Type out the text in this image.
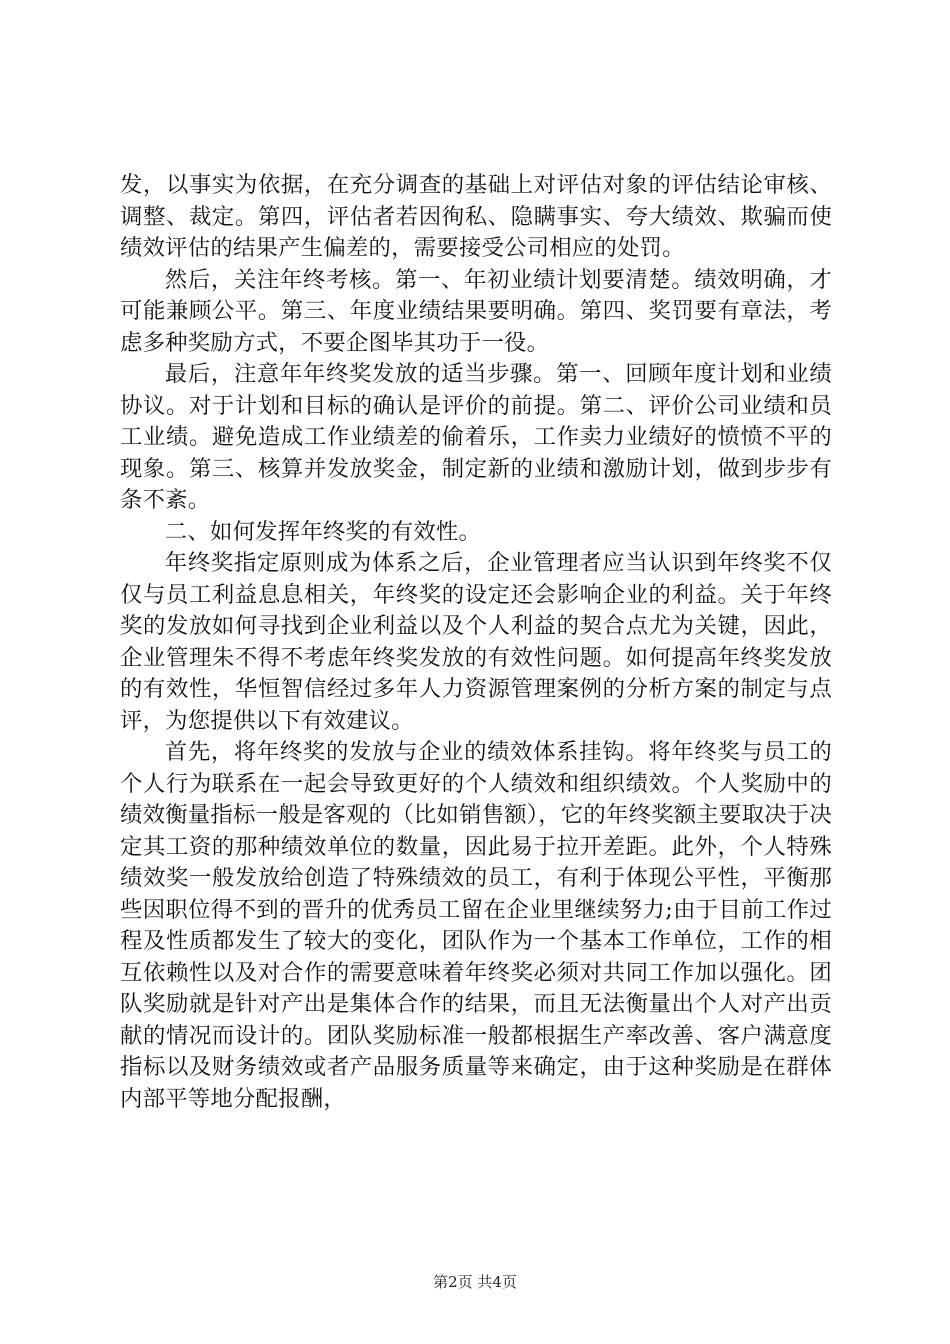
发，以事实为依据，在充分调查的基础上对评估对象的评估结论审核、调整、裁定。第四，评估者若因徇私、隐瞒事实、夸大绩效、欺骗而使绩效评估的结果产生偏差的，需要接受公司相应的处罚。

然后，关注年终考核。第一、年初业绩计划要清楚。绩效明确，才可能兼顾公平。第三、年度业绩结果要明确。第四、奖罚要有章法，考虑多种奖励方式，不要企图毕其功于一役。

最后，注意年年终奖发放的适当步骤。第一、回顾年度计划和业绩协议。对于计划和目标的确认是评价的前提。第二、评价公司业绩和员工业绩。避免造成工作业绩差的偷着乐，工作卖力业绩好的愤愤不平的现象。第三、核算并发放奖金，制定新的业绩和激励计划，做到步步有条不紊。

二、如何发挥年终奖的有效性。

年终奖指定原则成为体系之后，企业管理者应当认识到年终奖不仅仅与员工利益息息相关，年终奖的设定还会影响企业的利益。关于年终奖的发放如何寻找到企业利益以及个人利益的契合点尤为关键，因此，企业管理朱不得不考虑年终奖发放的有效性问题。如何提高年终奖发放的有效性，华恒智信经过多年人力资源管理案例的分析方案的制定与点评，为您提供以下有效建议。

首先，将年终奖的发放与企业的绩效体系挂钩。将年终奖与员工的个人行为联系在一起会导致更好的个人绩效和组织绩效。个人奖励中的绩效衡量指标一般是客观的（比如销售额），它的年终奖额主要取决于决定其工资的那种绩效单位的数量，因此易于拉开差距。此外，个人特殊绩效奖一般发放给创造了特殊绩效的员工，有利于体现公平性，平衡那些因职位得不到的晋升的优秀员工留在企业里继续努力;由于目前工作过程及性质都发生了较大的变化，团队作为一个基本工作单位，工作的相互依赖性以及对合作的需要意味着年终奖必须对共同工作加以强化。团队奖励就是针对产出是集体合作的结果，而且无法衡量出个人对产出贡献的情况而设计的。团队奖励标准一般都根据生产率改善、客户满意度指标以及财务绩效或者产品服务质量等来确定，由于这种奖励是在群体内部平等地分配报酬，

第2页 共4页
